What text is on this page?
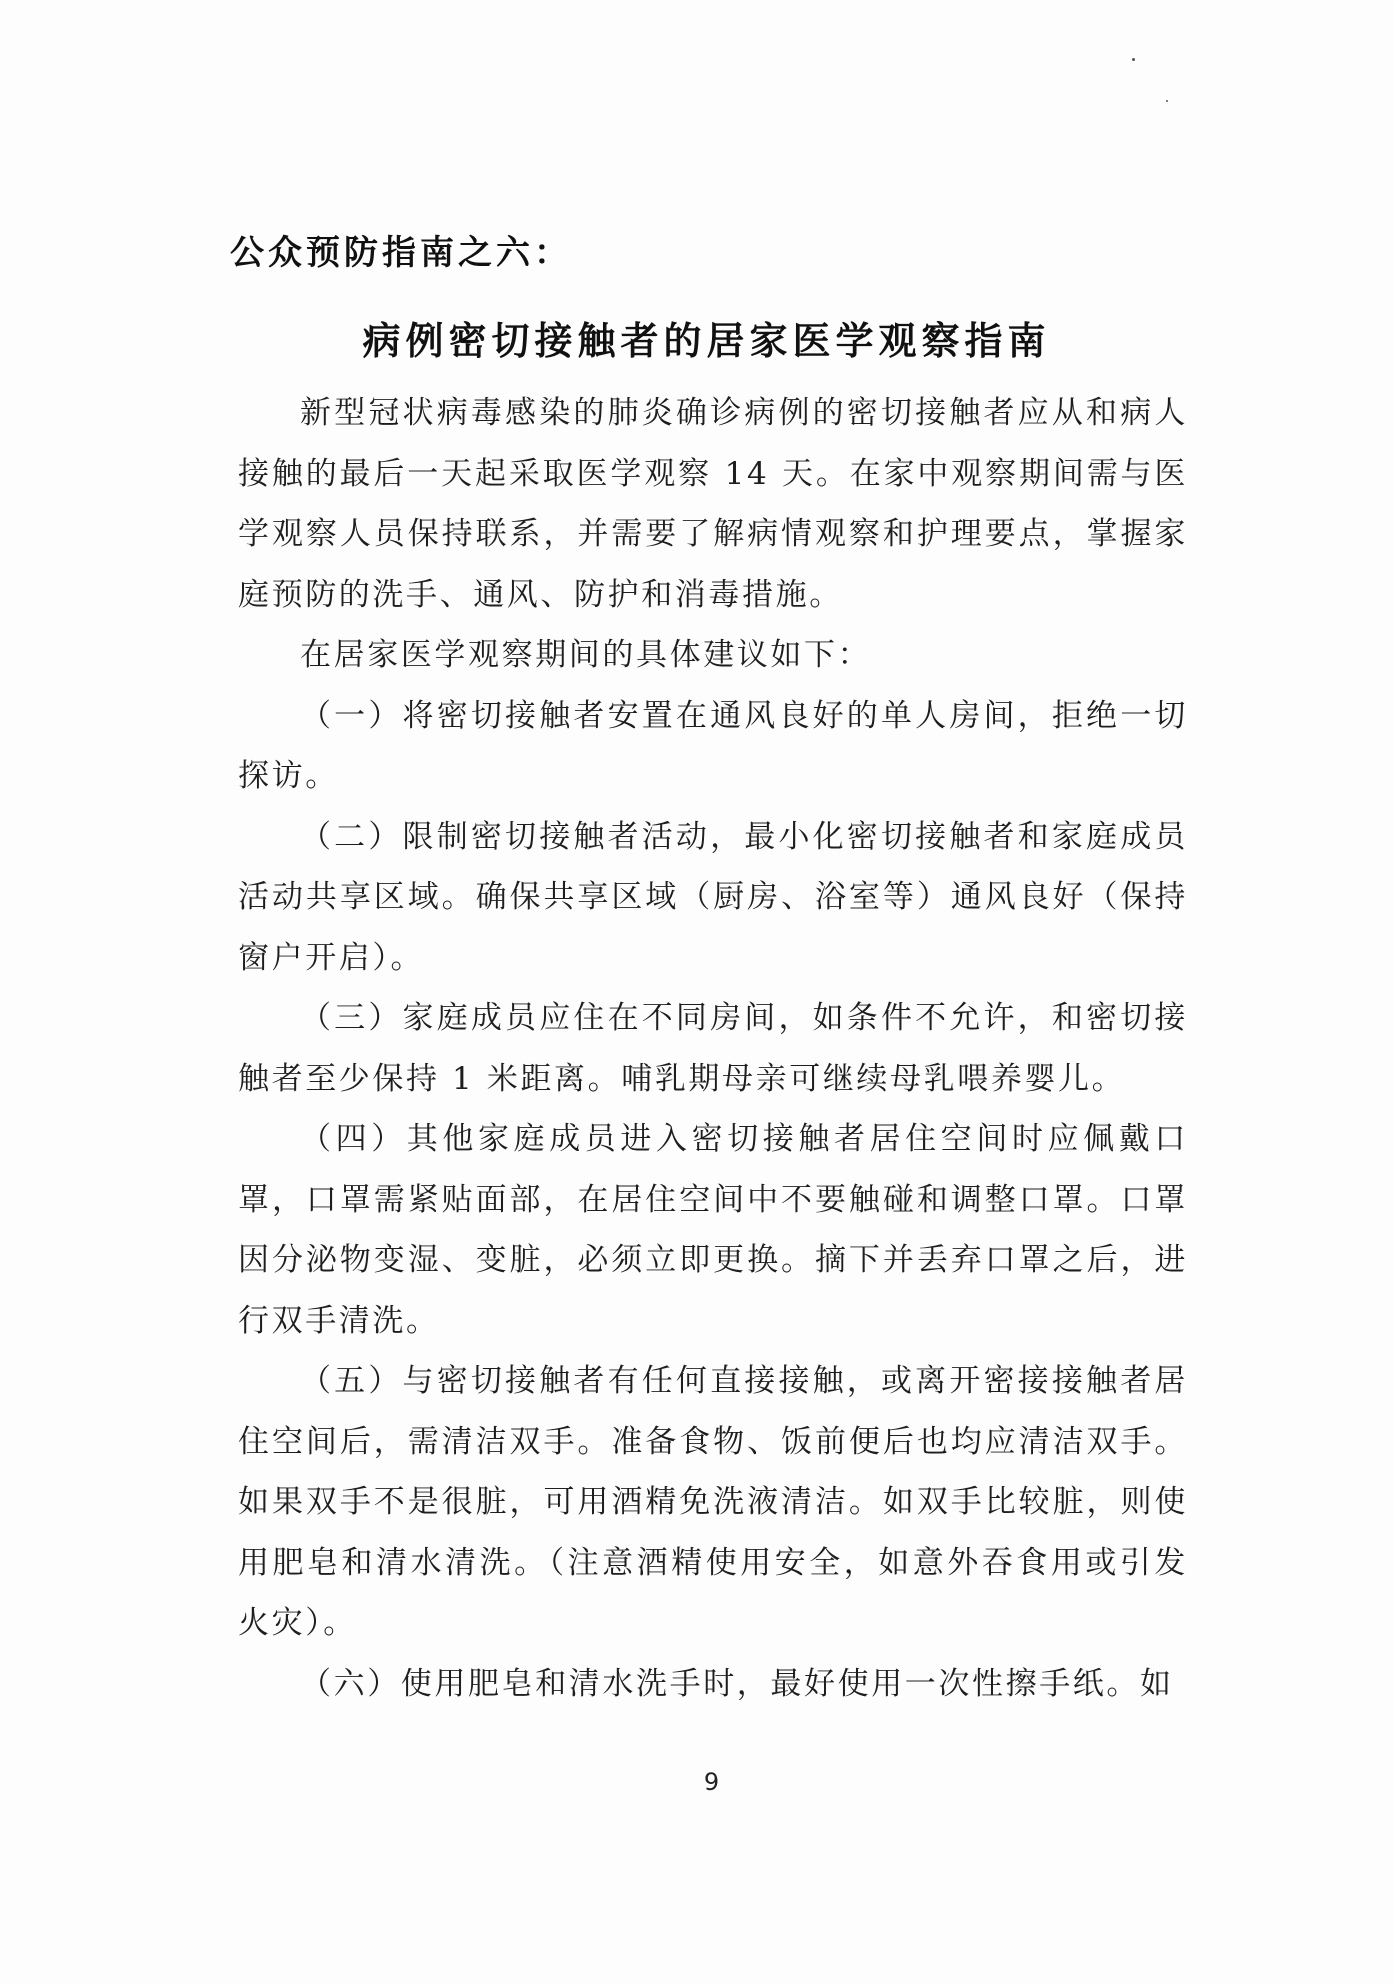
公众预防指南之六：
病例密切接触者的居家医学观察指南

新型冠状病毒感染的肺炎确诊病例的密切接触者应从和病人接触的最后一天起采取医学观察 14 天。在家中观察期间需与医学观察人员保持联系，并需要了解病情观察和护理要点，掌握家庭预防的洗手、通风、防护和消毒措施。

在居家医学观察期间的具体建议如下：

（一）将密切接触者安置在通风良好的单人房间，拒绝一切探访。

（二）限制密切接触者活动，最小化密切接触者和家庭成员活动共享区域。确保共享区域（厨房、浴室等）通风良好（保持窗户开启）。

（三）家庭成员应住在不同房间，如条件不允许，和密切接触者至少保持 1 米距离。哺乳期母亲可继续母乳喂养婴儿。

（四）其他家庭成员进入密切接触者居住空间时应佩戴口罩，口罩需紧贴面部，在居住空间中不要触碰和调整口罩。口罩因分泌物变湿、变脏，必须立即更换。摘下并丢弃口罩之后，进行双手清洗。

（五）与密切接触者有任何直接接触，或离开密接接触者居住空间后，需清洁双手。准备食物、饭前便后也均应清洁双手。如果双手不是很脏，可用酒精免洗液清洁。如双手比较脏，则使用肥皂和清水清洗。（注意酒精使用安全，如意外吞食用或引发火灾）。

（六）使用肥皂和清水洗手时，最好使用一次性擦手纸。如

9
